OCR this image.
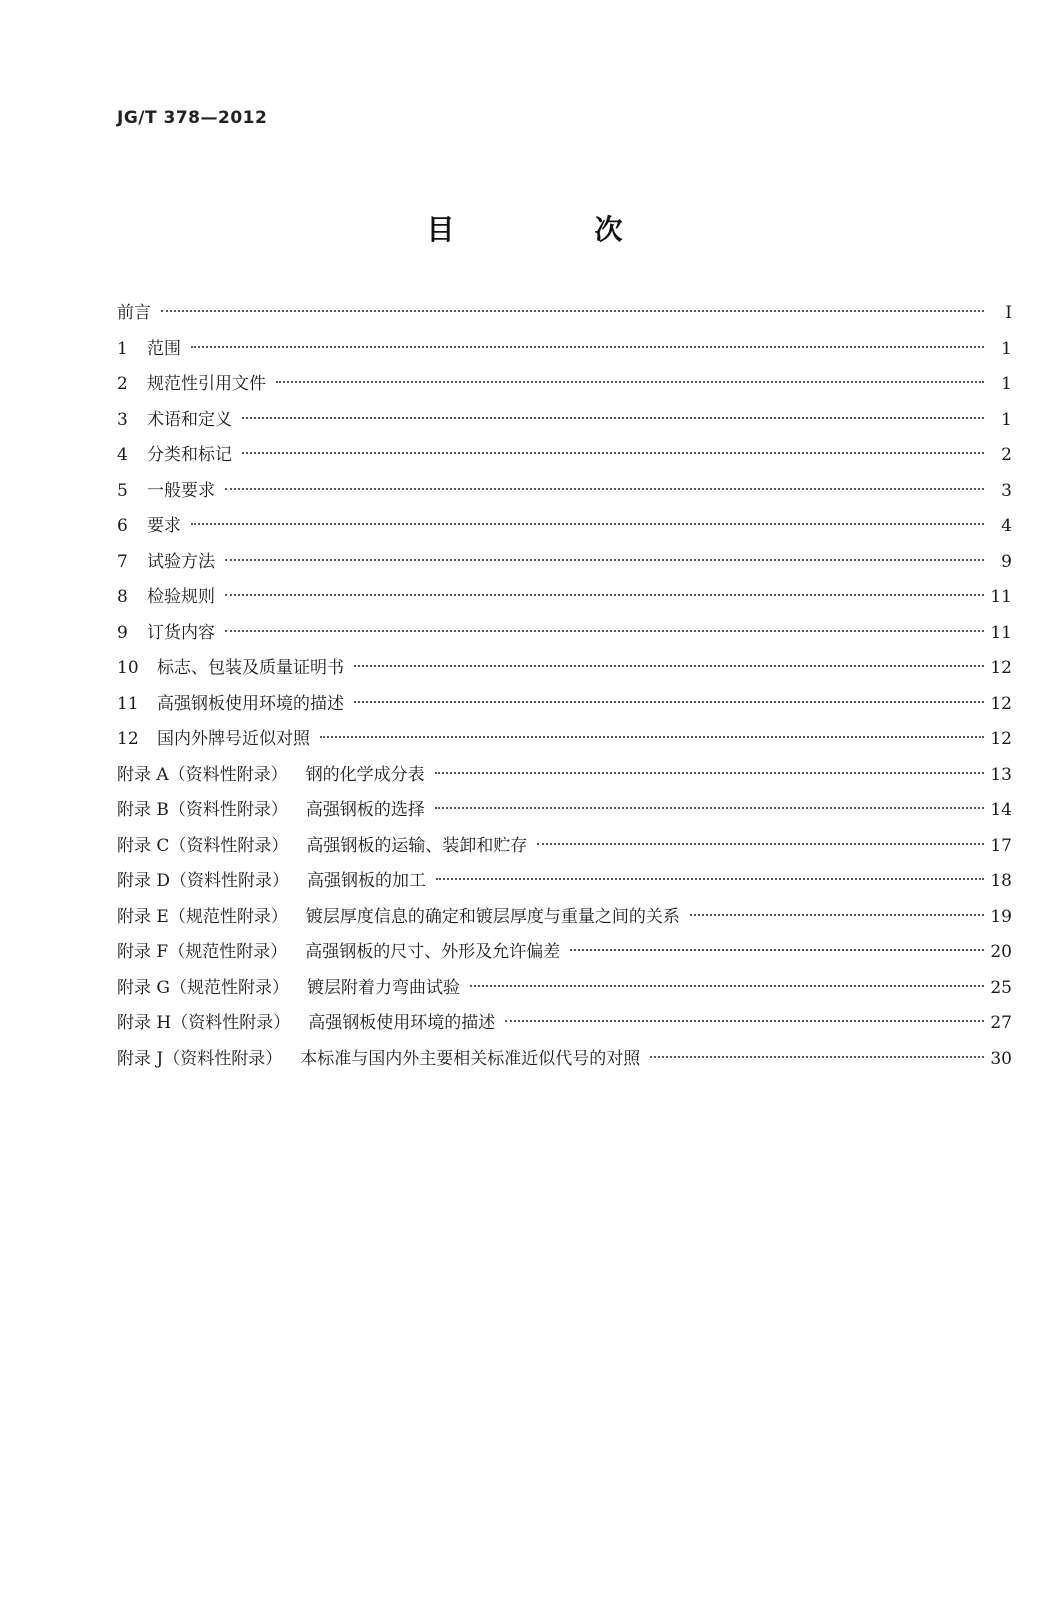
JG/T 378—2012
目　次
前言	I
1 范围	1
2 规范性引用文件	1
3 术语和定义	1
4 分类和标记	2
5 一般要求	3
6 要求	4
7 试验方法	9
8 检验规则	11
9 订货内容	11
10 标志、包装及质量证明书	12
11 高强钢板使用环境的描述	12
12 国内外牌号近似对照	12
附录 A（资料性附录） 钢的化学成分表	13
附录 B（资料性附录） 高强钢板的选择	14
附录 C（资料性附录） 高强钢板的运输、装卸和贮存	17
附录 D（资料性附录） 高强钢板的加工	18
附录 E（规范性附录） 镀层厚度信息的确定和镀层厚度与重量之间的关系	19
附录 F（规范性附录） 高强钢板的尺寸、外形及允许偏差	20
附录 G（规范性附录） 镀层附着力弯曲试验	25
附录 H（资料性附录） 高强钢板使用环境的描述	27
附录 J（资料性附录） 本标准与国内外主要相关标准近似代号的对照	30
